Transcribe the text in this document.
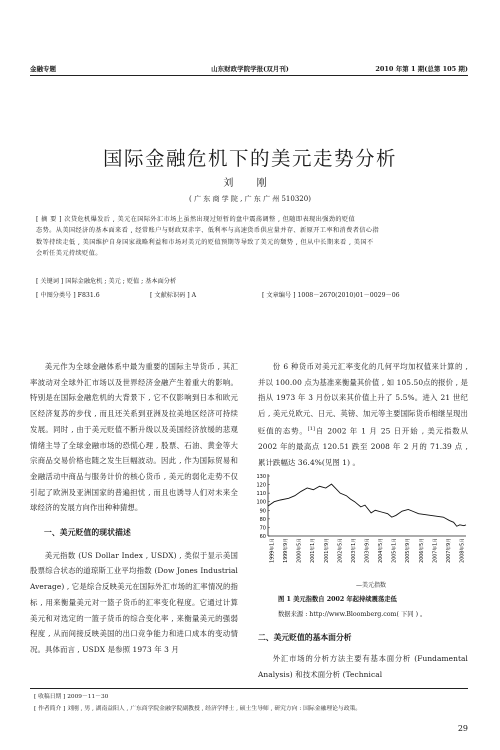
金融专题	山东财政学院学报(双月刊)	2010 年第 1 期(总第 105 期)
国际金融危机下的美元走势分析
刘 刚
( 广 东 商 学 院 , 广 东 广 州 510320)
[ 摘 要 ] 次贷危机爆发后 , 美元在国际外汇市场上虽然出现过短暂的盘中震荡调整 , 但随即表现出强劲的贬值
态势。从美国经济的基本面来看 , 经常账户与财政双赤字、低利率与高速货币供应量并存、新原开工率和消费者信心指
数等持续走低 , 美国维护自身国家战略利益和市场对美元的贬值预期等导致了美元的颓势 , 但从中长期来看 , 美国不
会听任美元持续贬值。
[ 关键词 ] 国际金融危机 ; 美元 ; 贬值 ; 基本面分析
[ 中图分类号 ] F831.6	[ 文献标识码 ] A	[ 文章编号 ] 1008－2670(2010)01－0029－06

美元作为全球金融体系中最为重要的国际主导货币 , 其汇率波动对全球外汇市场以及世界经济金融产生着重大的影响。特别是在国际金融危机的大背景下 , 它不仅影响到日本和欧元区经济复苏的步伐 , 而且还关系到亚洲及拉美地区经济可持续发展。同时 , 由于美元贬值不断升级以及美国经济放缓的悲观情绪主导了全球金融市场的恐慌心理 , 股票、石油、黄金等大宗商品交易价格也随之发生巨幅波动。因此 , 作为国际贸易和金融活动中商品与服务计价的核心货币 , 美元的弱化走势不仅引起了欧洲及亚洲国家的普遍担忧 , 而且也诱导人们对未来全球经济的发展方向作出种种猜想。

一、美元贬值的现状描述

美元指数 (US Dollar Index , USDX) , 类似于显示美国股票综合状态的道琼斯工业平均指数 (Dow Jones Industrial Average) , 它是综合反映美元在国际外汇市场的汇率情况的指标 , 用来衡量美元对一篮子货币的汇率变化程度。它通过计算美元和对选定的一篮子货币的综合变化率 , 来衡量美元的强弱程度 , 从而间接反映美国的出口竞争能力和进口成本的变动情况。具体而言 , USDX 是参照 1973 年 3 月

份 6 种货币对美元汇率变化的几何平均加权值来计算的 , 并以 100.00 点为基准来衡量其价值 , 如 105.50点的报价 , 是指从 1973 年 3 月份以来其价值上升了 5.5%。进入 21 世纪后 , 美元兑欧元、日元、英镑、加元等主要国际货币相继呈现出贬值的态势。[1]自 2002 年 1 月 25 日开始 , 美元指数从 2002 年的最高点 120.51 跌至 2008 年 2 月的 71.39 点 , 累计跌幅达 36.4%(见图 1) 。

130
120
110
100
90
80
70
60
1999年1月	1999年9月	2000年5月	2001年1月	2001年9月	2002年5月	2003年1月	2003年9月	2004年5月	2005年1月	2005年9月	2006年5月	2007年1月	2007年9月	2008年5月
—美元指数
图 1 美元指数自 2002 年起持续震荡走低
数据来源 : http://www.Bloomberg.com( 下同 ) 。
二、美元贬值的基本面分析

外汇市场的分析方法主要有基本面分析 (Fundamental Analysis) 和技术面分析 (Technical

[ 收稿日期 ] 2009－11－30
[ 作者简介 ] 刘刚 , 男 , 湖南益阳人 , 广东商学院金融学院副教授 , 经济学博士 , 硕士生导师 , 研究方向 : 国际金融理论与政策。
29
